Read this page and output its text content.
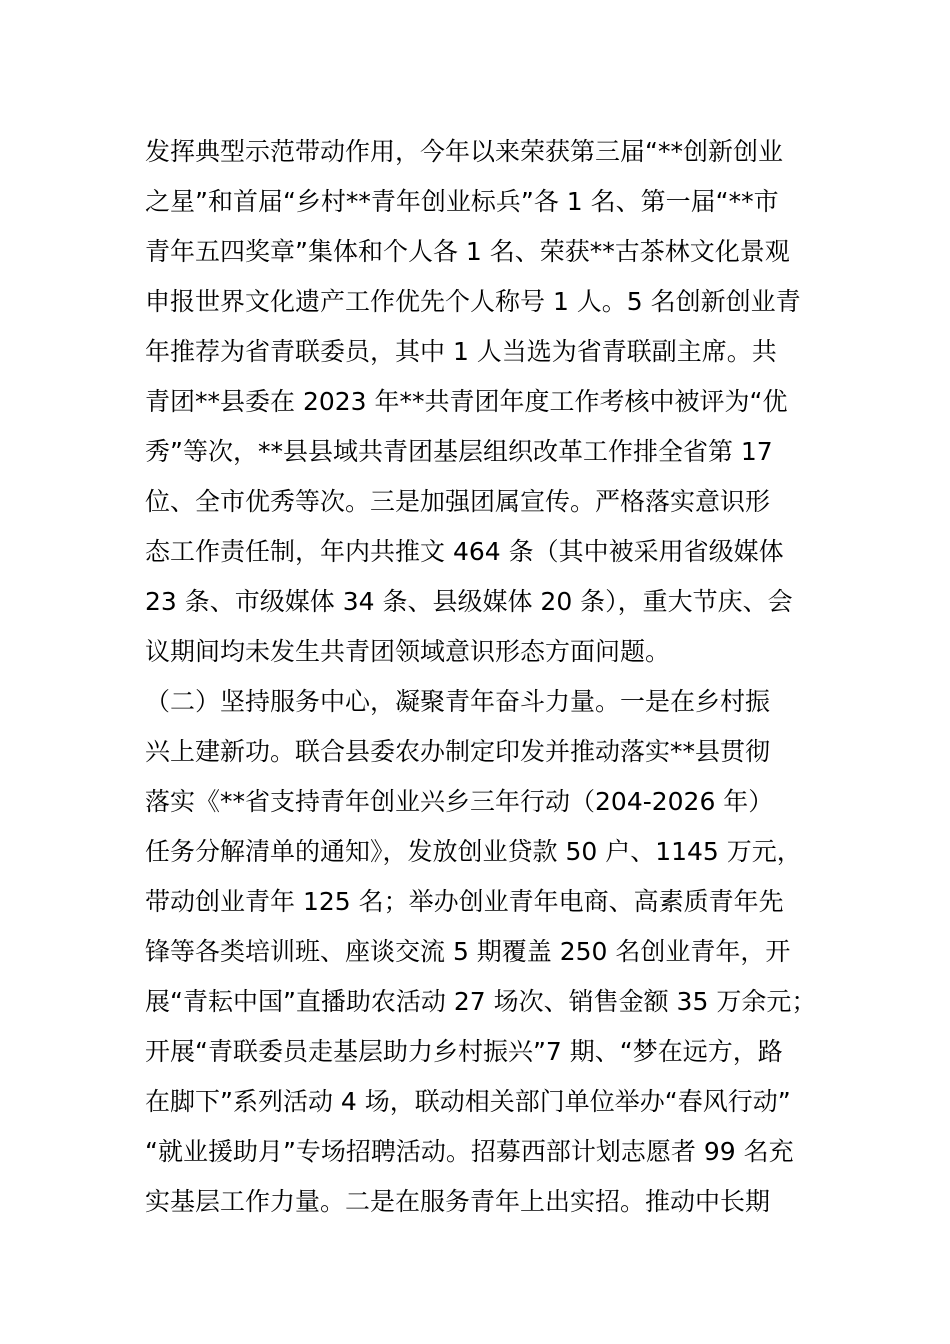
发挥典型示范带动作用，今年以来荣获第三届“**创新创业
之星”和首届“乡村**青年创业标兵”各 1 名、第一届“**市
青年五四奖章”集体和个人各 1 名、荣获**古茶林文化景观
申报世界文化遗产工作优先个人称号 1 人。5 名创新创业青
年推荐为省青联委员，其中 1 人当选为省青联副主席。共
青团**县委在 2023 年**共青团年度工作考核中被评为“优
秀”等次，**县县域共青团基层组织改革工作排全省第 17
位、全市优秀等次。三是加强团属宣传。严格落实意识形
态工作责任制，年内共推文 464 条（其中被采用省级媒体
23 条、市级媒体 34 条、县级媒体 20 条），重大节庆、会
议期间均未发生共青团领域意识形态方面问题。
（二）坚持服务中心，凝聚青年奋斗力量。一是在乡村振
兴上建新功。联合县委农办制定印发并推动落实**县贯彻
落实《**省支持青年创业兴乡三年行动（204-2026 年）
任务分解清单的通知》，发放创业贷款 50 户、1145 万元，
带动创业青年 125 名；举办创业青年电商、高素质青年先
锋等各类培训班、座谈交流 5 期覆盖 250 名创业青年，开
展“青耘中国”直播助农活动 27 场次、销售金额 35 万余元；
开展“青联委员走基层助力乡村振兴”7 期、“梦在远方，路
在脚下”系列活动 4 场，联动相关部门单位举办“春风行动”
“就业援助月”专场招聘活动。招募西部计划志愿者 99 名充
实基层工作力量。二是在服务青年上出实招。推动中长期
